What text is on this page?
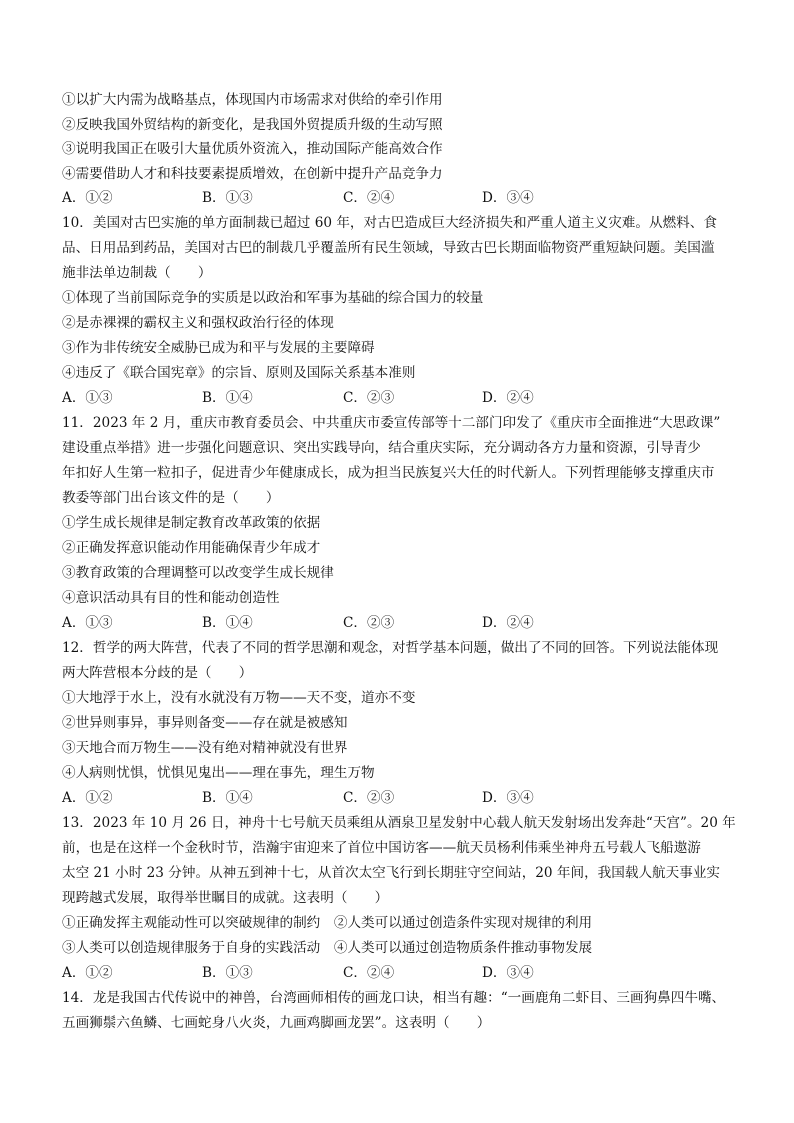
①以扩大内需为战略基点，体现国内市场需求对供给的牵引作用
②反映我国外贸结构的新变化，是我国外贸提质升级的生动写照
③说明我国正在吸引大量优质外资流入，推动国际产能高效合作
④需要借助人才和科技要素提质增效，在创新中提升产品竞争力
A．①②	B．①③	C．②④	D．③④
10．美国对古巴实施的单方面制裁已超过 60 年，对古巴造成巨大经济损失和严重人道主义灾难。从燃料、食
品、日用品到药品，美国对古巴的制裁几乎覆盖所有民生领域，导致古巴长期面临物资严重短缺问题。美国滥
施非法单边制裁（　　）
①体现了当前国际竞争的实质是以政治和军事为基础的综合国力的较量
②是赤裸裸的霸权主义和强权政治行径的体现
③作为非传统安全威胁已成为和平与发展的主要障碍
④违反了《联合国宪章》的宗旨、原则及国际关系基本准则
A．①③	B．①④	C．②③	D．②④
11．2023 年 2 月，重庆市教育委员会、中共重庆市委宣传部等十二部门印发了《重庆市全面推进“大思政课”
建设重点举措》进一步强化问题意识、突出实践导向，结合重庆实际，充分调动各方力量和资源，引导青少
年扣好人生第一粒扣子，促进青少年健康成长，成为担当民族复兴大任的时代新人。下列哲理能够支撑重庆市
教委等部门出台该文件的是（　　）
①学生成长规律是制定教育改革政策的依据
②正确发挥意识能动作用能确保青少年成才
③教育政策的合理调整可以改变学生成长规律
④意识活动具有目的性和能动创造性
A．①③	B．①④	C．②③	D．②④
12．哲学的两大阵营，代表了不同的哲学思潮和观念，对哲学基本问题，做出了不同的回答。下列说法能体现
两大阵营根本分歧的是（　　）
①大地浮于水上，没有水就没有万物——天不变，道亦不变
②世异则事异，事异则备变——存在就是被感知
③天地合而万物生——没有绝对精神就没有世界
④人病则忧惧，忧惧见鬼出——理在事先，理生万物
A．①②	B．①④	C．②③	D．③④
13．2023 年 10 月 26 日，神舟十七号航天员乘组从酒泉卫星发射中心载人航天发射场出发奔赴“天宫”。20 年
前，也是在这样一个金秋时节，浩瀚宇宙迎来了首位中国访客——航天员杨利伟乘坐神舟五号载人飞船遨游
太空 21 小时 23 分钟。从神五到神十七，从首次太空飞行到长期驻守空间站，20 年间，我国载人航天事业实
现跨越式发展，取得举世瞩目的成就。这表明（　　）
①正确发挥主观能动性可以突破规律的制约　②人类可以通过创造条件实现对规律的利用
③人类可以创造规律服务于自身的实践活动　④人类可以通过创造物质条件推动事物发展
A．①②	B．①③	C．②④	D．③④
14．龙是我国古代传说中的神兽，台湾画师相传的画龙口诀，相当有趣：“一画鹿角二虾目、三画狗鼻四牛嘴、
五画狮鬃六鱼鳞、七画蛇身八火炎，九画鸡脚画龙罢”。这表明（　　）
